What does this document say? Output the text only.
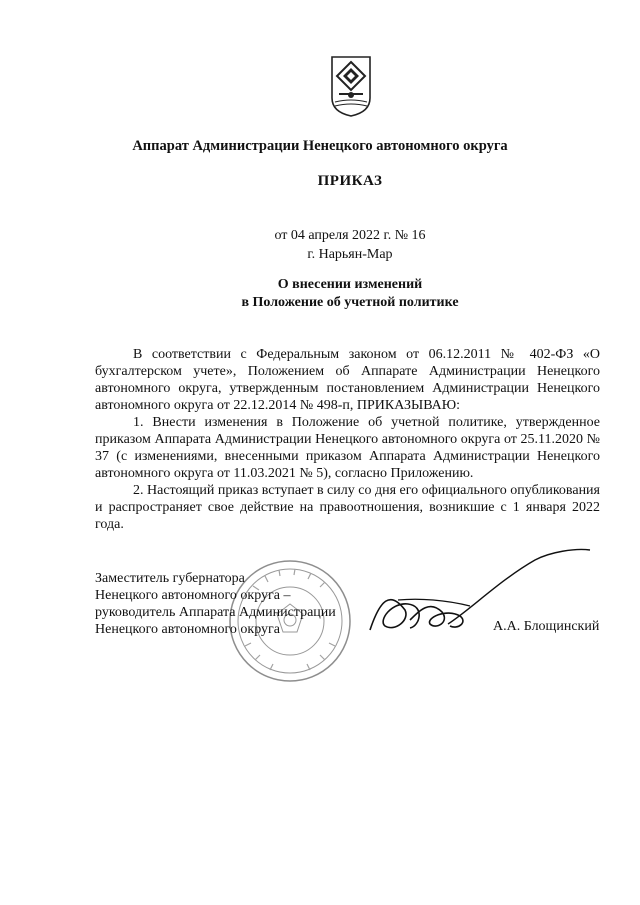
Аппарат Администрации Ненецкого автономного округа
ПРИКАЗ
от 04 апреля 2022 г. № 16
г. Нарьян-Мар
О внесении изменений
в Положение об учетной политике

В соответствии с Федеральным законом от 06.12.2011 № 402-ФЗ «О бухгалтерском учете», Положением об Аппарате Администрации Ненецкого автономного округа, утвержденным постановлением Администрации Ненецкого автономного округа от 22.12.2014 № 498-п, ПРИКАЗЫВАЮ:

1. Внести изменения в Положение об учетной политике, утвержденное приказом Аппарата Администрации Ненецкого автономного округа от 25.11.2020 № 37 (с изменениями, внесенными приказом Аппарата Администрации Ненецкого автономного округа от 11.03.2021 № 5), согласно Приложению.

2. Настоящий приказ вступает в силу со дня его официального опубликования и распространяет свое действие на правоотношения, возникшие с 1 января 2022 года.

Заместитель губернатора
Ненецкого автономного округа –
руководитель Аппарата Администрации
Ненецкого автономного округа	А.А. Блощинский
